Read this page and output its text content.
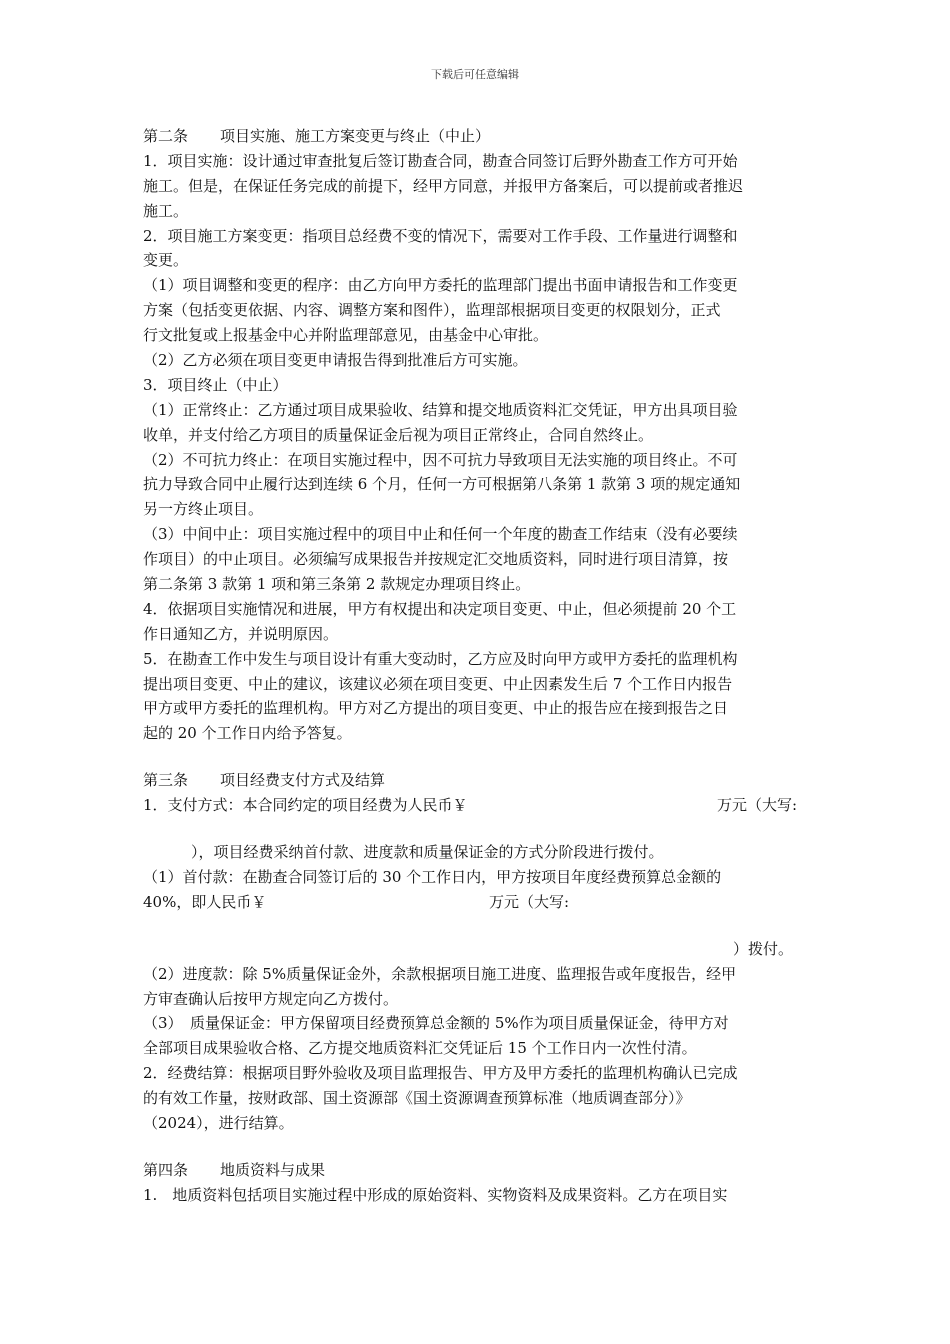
下载后可任意编辑
第二条 项目实施、施工方案变更与终止（中止）
1．项目实施：设计通过审查批复后签订勘查合同，勘查合同签订后野外勘查工作方可开始
施工。但是，在保证任务完成的前提下，经甲方同意，并报甲方备案后，可以提前或者推迟
施工。
2．项目施工方案变更：指项目总经费不变的情况下，需要对工作手段、工作量进行调整和
变更。
（1）项目调整和变更的程序：由乙方向甲方委托的监理部门提出书面申请报告和工作变更
方案（包括变更依据、内容、调整方案和图件），监理部根据项目变更的权限划分，正式
行文批复或上报基金中心并附监理部意见，由基金中心审批。
（2）乙方必须在项目变更申请报告得到批准后方可实施。
3．项目终止（中止）
（1）正常终止：乙方通过项目成果验收、结算和提交地质资料汇交凭证，甲方出具项目验
收单，并支付给乙方项目的质量保证金后视为项目正常终止，合同自然终止。
（2）不可抗力终止：在项目实施过程中，因不可抗力导致项目无法实施的项目终止。不可
抗力导致合同中止履行达到连续 6 个月，任何一方可根据第八条第 1 款第 3 项的规定通知
另一方终止项目。
（3）中间中止：项目实施过程中的项目中止和任何一个年度的勘查工作结束（没有必要续
作项目）的中止项目。必须编写成果报告并按规定汇交地质资料，同时进行项目清算，按
第二条第 3 款第 1 项和第三条第 2 款规定办理项目终止。
4．依据项目实施情况和进展，甲方有权提出和决定项目变更、中止，但必须提前 20 个工
作日通知乙方，并说明原因。
5．在勘查工作中发生与项目设计有重大变动时，乙方应及时向甲方或甲方委托的监理机构
提出项目变更、中止的建议，该建议必须在项目变更、中止因素发生后 7 个工作日内报告
甲方或甲方委托的监理机构。甲方对乙方提出的项目变更、中止的报告应在接到报告之日
起的 20 个工作日内给予答复。
第三条 项目经费支付方式及结算
1．支付方式：本合同约定的项目经费为人民币￥	万元（大写:
），项目经费采纳首付款、进度款和质量保证金的方式分阶段进行拨付。
（1）首付款：在勘查合同签订后的 30 个工作日内，甲方按项目年度经费预算总金额的
40%，即人民币￥	万元（大写:
）拨付。
（2）进度款：除 5%质量保证金外，余款根据项目施工进度、监理报告或年度报告，经甲
方审查确认后按甲方规定向乙方拨付。
（3）　质量保证金：甲方保留项目经费预算总金额的 5%作为项目质量保证金，待甲方对
全部项目成果验收合格、乙方提交地质资料汇交凭证后 15 个工作日内一次性付清。
2．经费结算：根据项目野外验收及项目监理报告、甲方及甲方委托的监理机构确认已完成
的有效工作量，按财政部、国土资源部《国土资源调查预算标准（地质调查部分）》
（2024），进行结算。
第四条 地质资料与成果
1.　地质资料包括项目实施过程中形成的原始资料、实物资料及成果资料。乙方在项目实
